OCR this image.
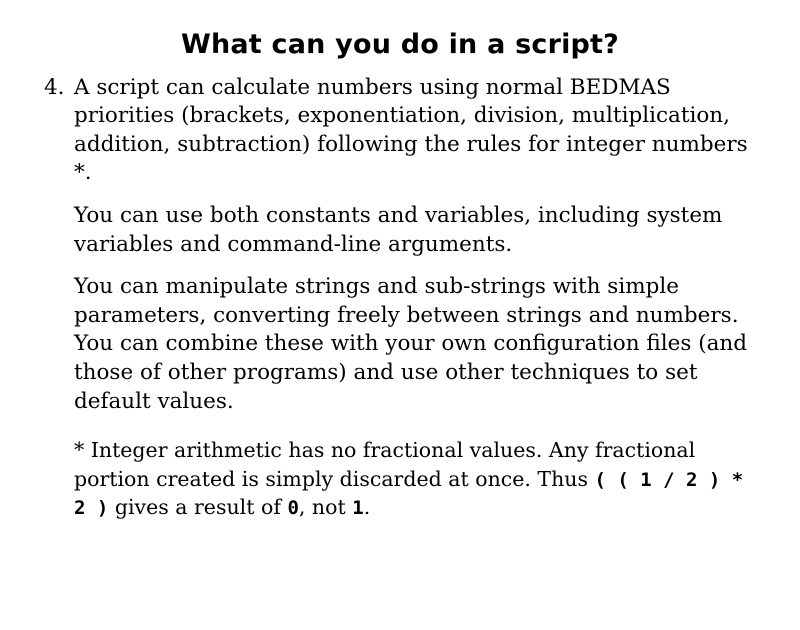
What can you do in a script?
4. A script can calculate numbers using normal BEDMAS priorities (brackets, exponentiation, division, multiplication, addition, subtraction) following the rules for integer numbers *.

You can use both constants and variables, including system variables and command-line arguments.

You can manipulate strings and sub-strings with simple parameters, converting freely between strings and numbers. You can combine these with your own configuration files (and those of other programs) and use other techniques to set default values.

* Integer arithmetic has no fractional values. Any fractional portion created is simply discarded at once. Thus ( ( 1 / 2 ) * 2 ) gives a result of 0, not 1.
